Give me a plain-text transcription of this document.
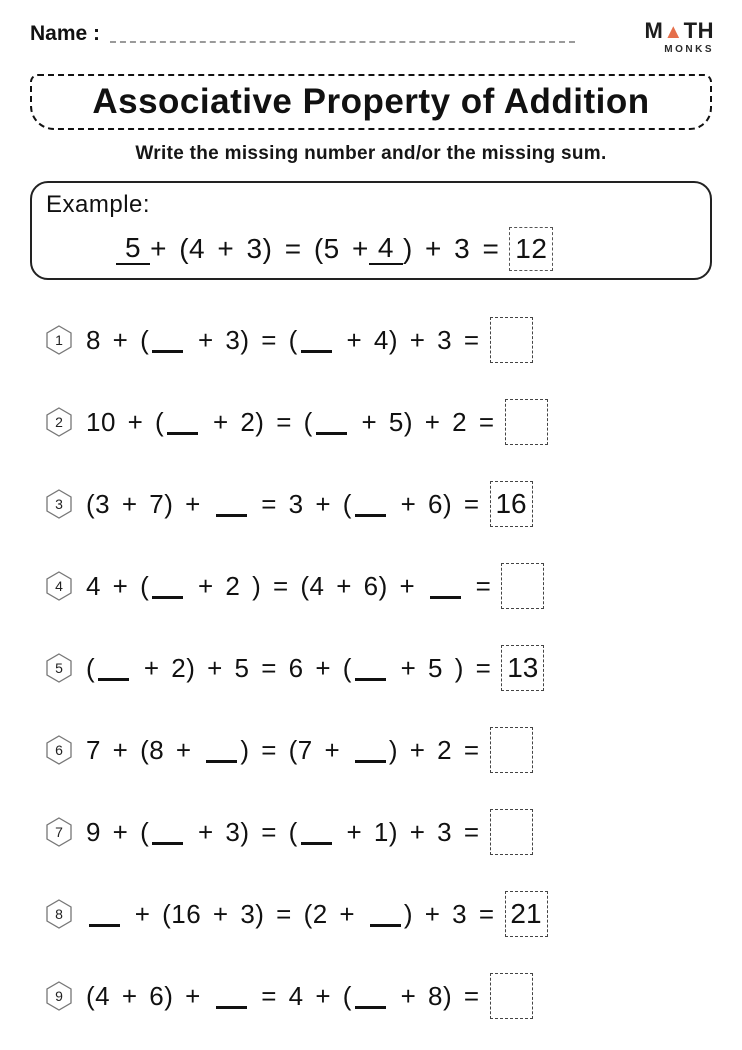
Name :	M▲TH
MONKS
Associative Property of Addition
Write the missing number and/or the missing sum.
Example:
5 + (4 + 3) = (5 + 4 ) + 3 = 12
1 8 + ( + 3) = ( + 4) + 3 =
2 10 + ( + 2) = ( + 5) + 2 =
3 (3 + 7) +  = 3 + ( + 6) = 16
4 4 + ( + 2 ) = (4 + 6) +  =
5 ( + 2) + 5 = 6 + ( + 5 ) = 13
6 7 + (8 + ) = (7 + ) + 2 =
7 9 + ( + 3) = ( + 1) + 3 =
8	+ (16 + 3) = (2 + ) + 3 = 21
9 (4 + 6) +  = 4 + ( + 8) =
